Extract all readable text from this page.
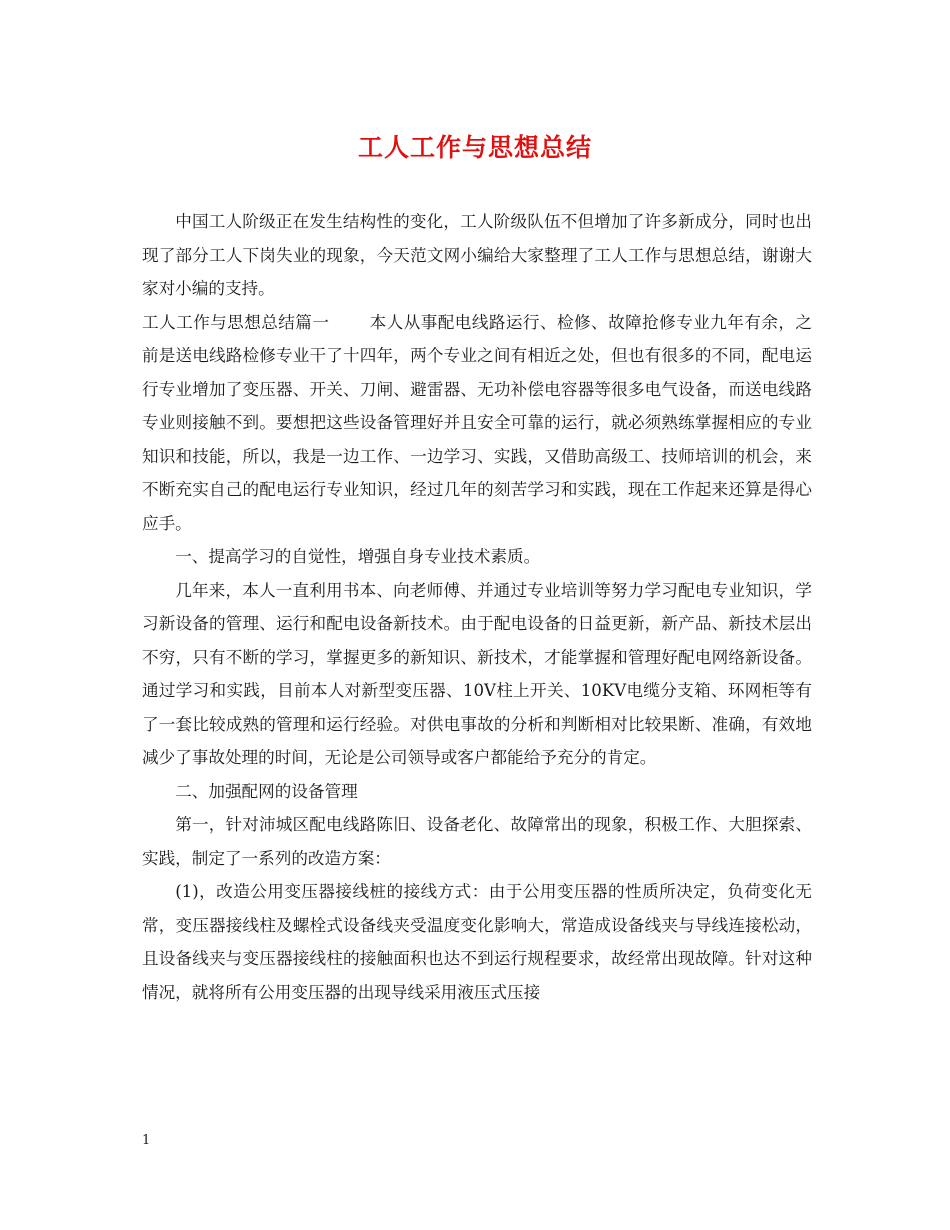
工人工作与思想总结

中国工人阶级正在发生结构性的变化，工人阶级队伍不但增加了许多新成分，同时也出现了部分工人下岗失业的现象，今天范文网小编给大家整理了工人工作与思想总结，谢谢大家对小编的支持。

工人工作与思想总结篇一 本人从事配电线路运行、检修、故障抢修专业九年有余，之前是送电线路检修专业干了十四年，两个专业之间有相近之处，但也有很多的不同，配电运行专业增加了变压器、开关、刀闸、避雷器、无功补偿电容器等很多电气设备，而送电线路专业则接触不到。要想把这些设备管理好并且安全可靠的运行，就必须熟练掌握相应的专业知识和技能，所以，我是一边工作、一边学习、实践，又借助高级工、技师培训的机会，来不断充实自己的配电运行专业知识，经过几年的刻苦学习和实践，现在工作起来还算是得心应手。

一、提高学习的自觉性，增强自身专业技术素质。

几年来，本人一直利用书本、向老师傅、并通过专业培训等努力学习配电专业知识，学习新设备的管理、运行和配电设备新技术。由于配电设备的日益更新，新产品、新技术层出不穷，只有不断的学习，掌握更多的新知识、新技术，才能掌握和管理好配电网络新设备。通过学习和实践，目前本人对新型变压器、10V柱上开关、10KV电缆分支箱、环网柜等有了一套比较成熟的管理和运行经验。对供电事故的分析和判断相对比较果断、准确，有效地减少了事故处理的时间，无论是公司领导或客户都能给予充分的肯定。

二、加强配网的设备管理

第一，针对沛城区配电线路陈旧、设备老化、故障常出的现象，积极工作、大胆探索、实践，制定了一系列的改造方案：

(1)，改造公用变压器接线桩的接线方式：由于公用变压器的性质所决定，负荷变化无常，变压器接线柱及螺栓式设备线夹受温度变化影响大，常造成设备线夹与导线连接松动，且设备线夹与变压器接线柱的接触面积也达不到运行规程要求，故经常出现故障。针对这种情况，就将所有公用变压器的出现导线采用液压式压接

1
